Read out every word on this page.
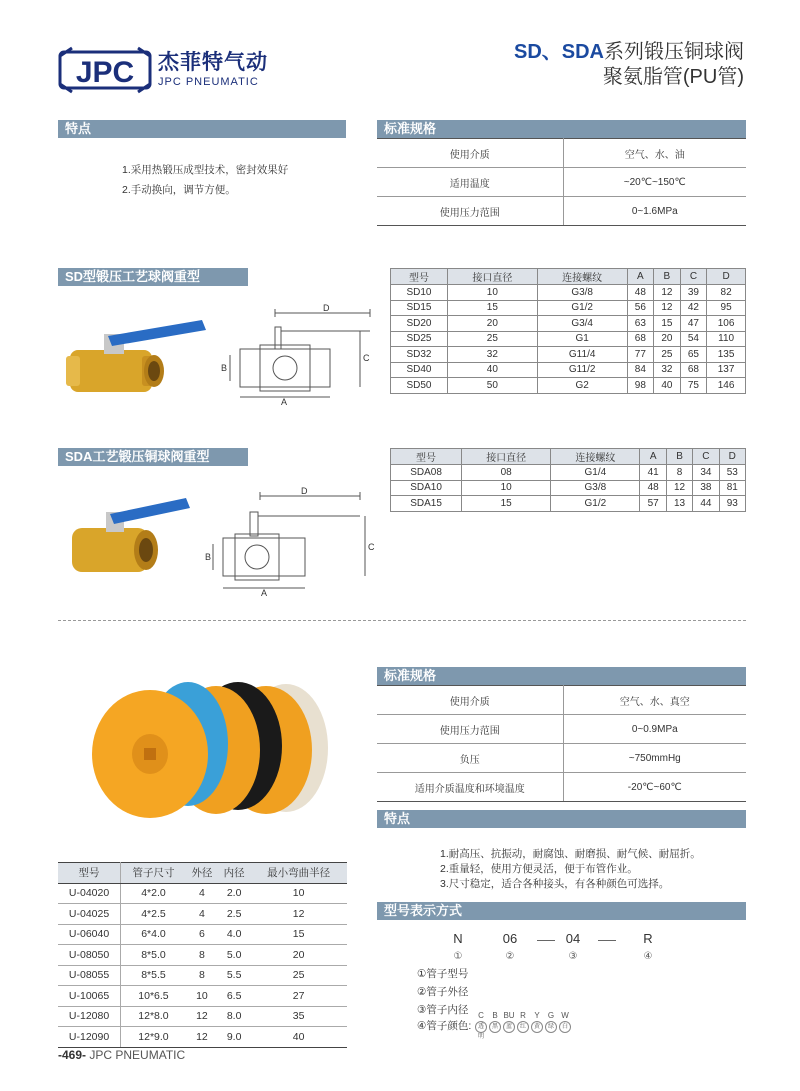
JPC 杰菲特气动
JPC PNEUMATIC
SD、SDA系列锻压铜球阀
聚氨脂管(PU管)
特点
1.采用热锻压成型技术，密封效果好
2.手动换向，调节方便。
标准规格
使用介质	空气、水、油
适用温度	~20℃~150℃
使用压力范围	0~1.6MPa
SD型锻压工艺球阀重型
D
C
B
A
型号	接口直径	连接螺纹	A	B	C	D
SD10	10	G3/8	48	12	39	82
SD15	15	G1/2	56	12	42	95
SD20	20	G3/4	63	15	47	106
SD25	25	G1	68	20	54	110
SD32	32	G11/4	77	25	65	135
SD40	40	G11/2	84	32	68	137
SD50	50	G2	98	40	75	146
SDA工艺锻压铜球阀重型
D
C
B
A
型号	接口直径	连接螺纹	A	B	C	D
SDA08	08	G1/4	41	8	34	53
SDA10	10	G3/8	48	12	38	81
SDA15	15	G1/2	57	13	44	93
标准规格
使用介质	空气、水、真空
使用压力范围	0~0.9MPa
负压	~750mmHg
适用介质温度和环境温度	-20℃~60℃
特点
1.耐高压、抗振动，耐腐蚀、耐磨损、耐气候、耐屈折。
2.重量轻，使用方便灵活，便于布管作业。
3.尺寸稳定，适合各种接头，有各种颜色可选择。
型号	管子尺寸	外径	内径	最小弯曲半径
U-04020	4*2.0	4	2.0	10
U-04025	4*2.5	4	2.5	12
U-06040	6*4.0	6	4.0	15
U-08050	8*5.0	8	5.0	20
U-08055	8*5.5	8	5.5	25
U-10065	10*6.5	10	6.5	27
U-12080	12*8.0	12	8.0	35
U-12090	12*9.0	12	9.0	40
型号表示方式
N	06	04	R
①	②	③	④
①管子型号
②管子外径
③管子内径
④管子颜色:
C
透明
B
黑
BU
蓝
R
红
Y
黄
G
绿
W
白
-469- JPC PNEUMATIC
